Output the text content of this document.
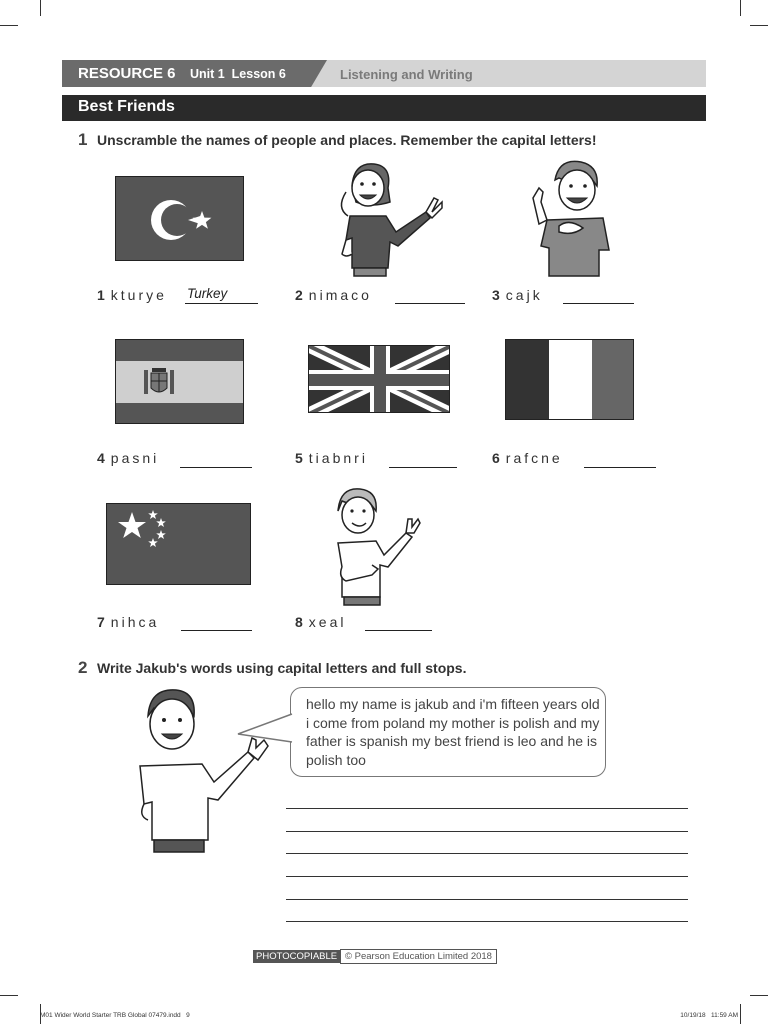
RESOURCE 6 Unit 1  Lesson 6	Listening and Writing
Best Friends
1 Unscramble the names of people and places. Remember the capital letters!
1 kturye Turkey	2 nimaco	3 cajk
4 pasni	5 tiabnri	6 rafcne
7 nihca	8 xeal
2 Write Jakub's words using capital letters and full stops.
hello my name is jakub and i'm fifteen years old i come from poland my mother is polish and my father is spanish my best friend is leo and he is polish too
PHOTOCOPIABLE © Pearson Education Limited 2018
M01 Wider World Starter TRB Global 07479.indd   9	10/19/18   11:59 AM
